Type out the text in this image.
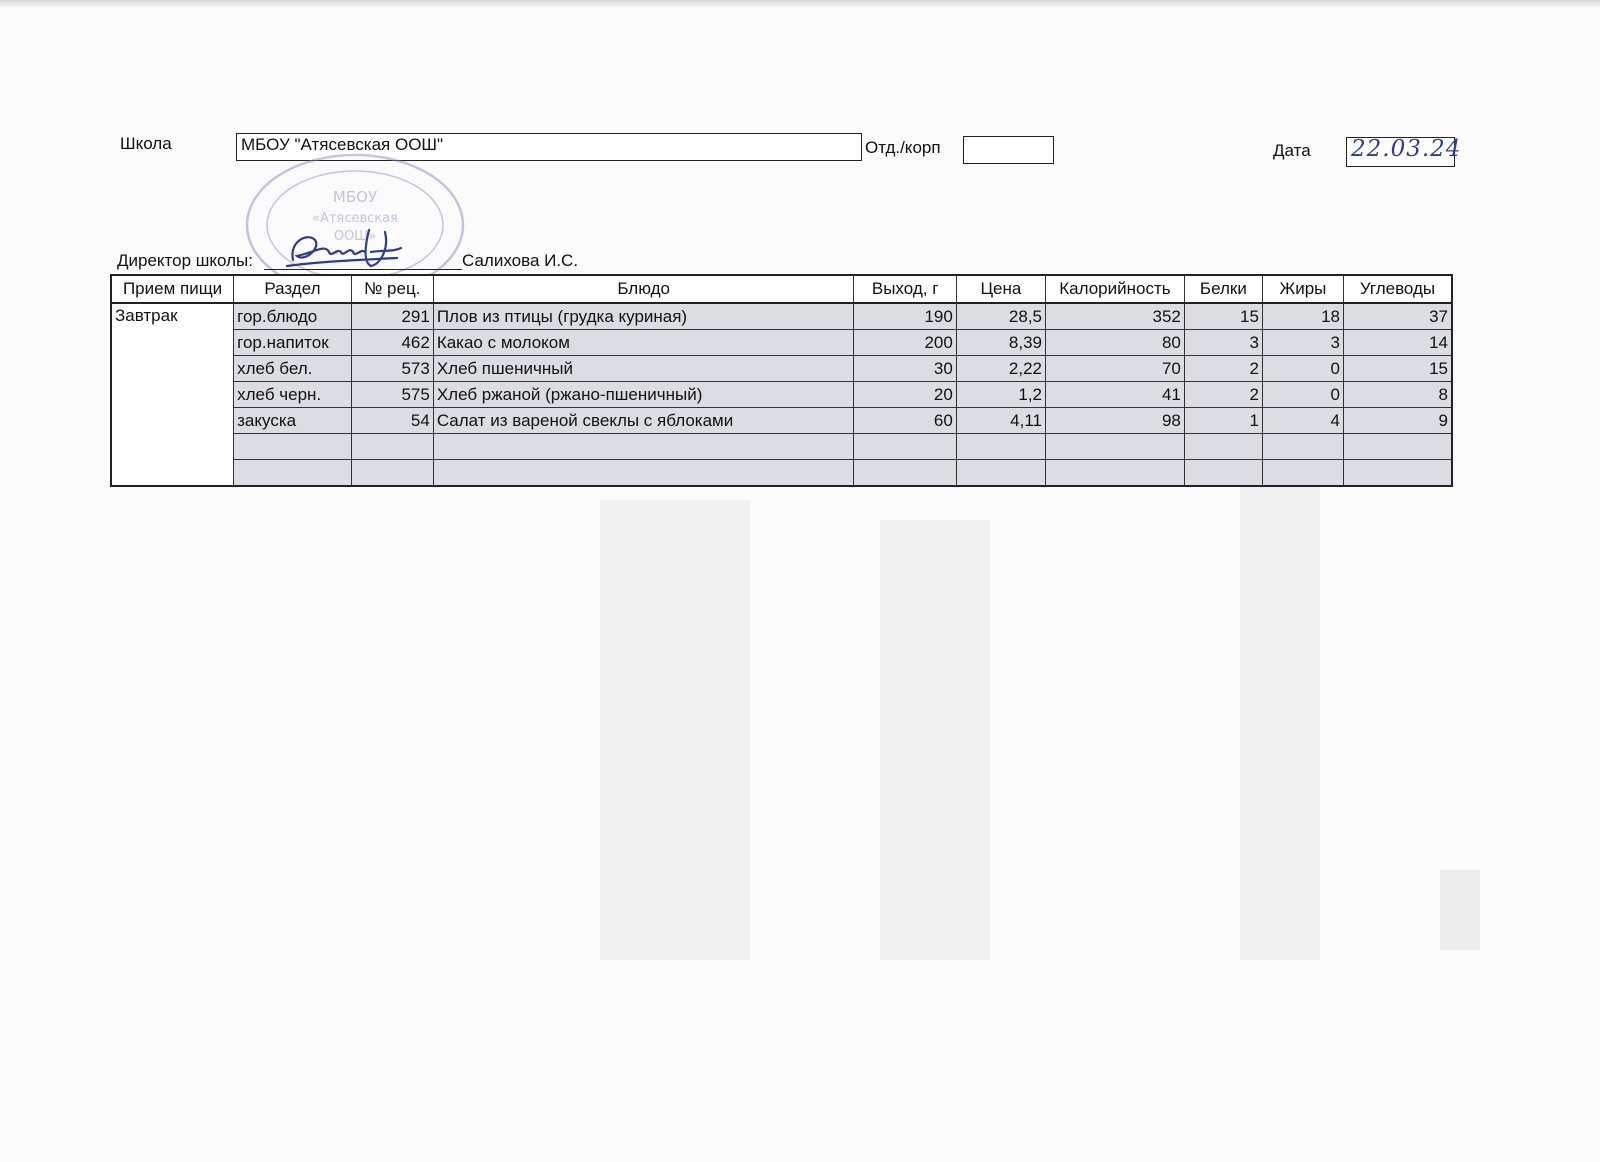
Школа	МБОУ "Атясевская ООШ"	Отд./корп	Дата 22.03.24
МБОУ
«Атясевская
ООШ»
Директор школы:	Салихова И.С.
Прием пищи	Раздел	№ рец.	Блюдо	Выход, г	Цена	Калорийность	Белки	Жиры	Углеводы
Завтрак	гор.блюдо	291	Плов из птицы (грудка куриная)	190	28,5	352	15	18	37
	гор.напиток	462	Какао с молоком	200	8,39	80	3	3	14
	хлеб бел.	573	Хлеб пшеничный	30	2,22	70	2	0	15
	хлеб черн.	575	Хлеб ржаной (ржано-пшеничный)	20	1,2	41	2	0	8
	закуска	54	Салат из вареной свеклы с яблоками	60	4,11	98	1	4	9
